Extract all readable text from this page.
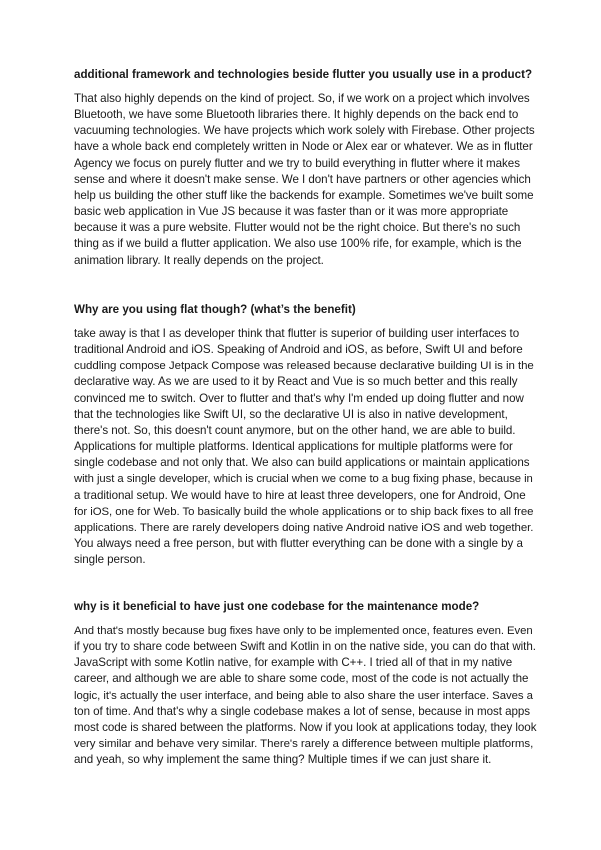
additional framework and technologies beside flutter you usually use in a product?

That also highly depends on the kind of project. So, if we work on a project which involves
Bluetooth, we have some Bluetooth libraries there. It highly depends on the back end to
vacuuming technologies. We have projects which work solely with Firebase. Other projects
have a whole back end completely written in Node or Alex ear or whatever. We as in flutter
Agency we focus on purely flutter and we try to build everything in flutter where it makes
sense and where it doesn't make sense. We I don't have partners or other agencies which
help us building the other stuff like the backends for example. Sometimes we've built some
basic web application in Vue JS because it was faster than or it was more appropriate
because it was a pure website. Flutter would not be the right choice. But there's no such
thing as if we build a flutter application. We also use 100% rife, for example, which is the
animation library. It really depends on the project.

Why are you using flat though? (what’s the benefit)

take away is that I as developer think that flutter is superior of building user interfaces to
traditional Android and iOS. Speaking of Android and iOS, as before, Swift UI and before
cuddling compose Jetpack Compose was released because declarative building UI is in the
declarative way. As we are used to it by React and Vue is so much better and this really
convinced me to switch. Over to flutter and that's why I'm ended up doing flutter and now
that the technologies like Swift UI, so the declarative UI is also in native development,
there's not. So, this doesn't count anymore, but on the other hand, we are able to build.
Applications for multiple platforms. Identical applications for multiple platforms were for
single codebase and not only that. We also can build applications or maintain applications
with just a single developer, which is crucial when we come to a bug fixing phase, because in
a traditional setup. We would have to hire at least three developers, one for Android, One
for iOS, one for Web. To basically build the whole applications or to ship back fixes to all free
applications. There are rarely developers doing native Android native iOS and web together.
You always need a free person, but with flutter everything can be done with a single by a
single person.

why is it beneficial to have just one codebase for the maintenance mode?

And that's mostly because bug fixes have only to be implemented once, features even. Even
if you try to share code between Swift and Kotlin in on the native side, you can do that with.
JavaScript with some Kotlin native, for example with C++. I tried all of that in my native
career, and although we are able to share some code, most of the code is not actually the
logic, it's actually the user interface, and being able to also share the user interface. Saves a
ton of time. And that's why a single codebase makes a lot of sense, because in most apps
most code is shared between the platforms. Now if you look at applications today, they look
very similar and behave very similar. There's rarely a difference between multiple platforms,
and yeah, so why implement the same thing? Multiple times if we can just share it.
